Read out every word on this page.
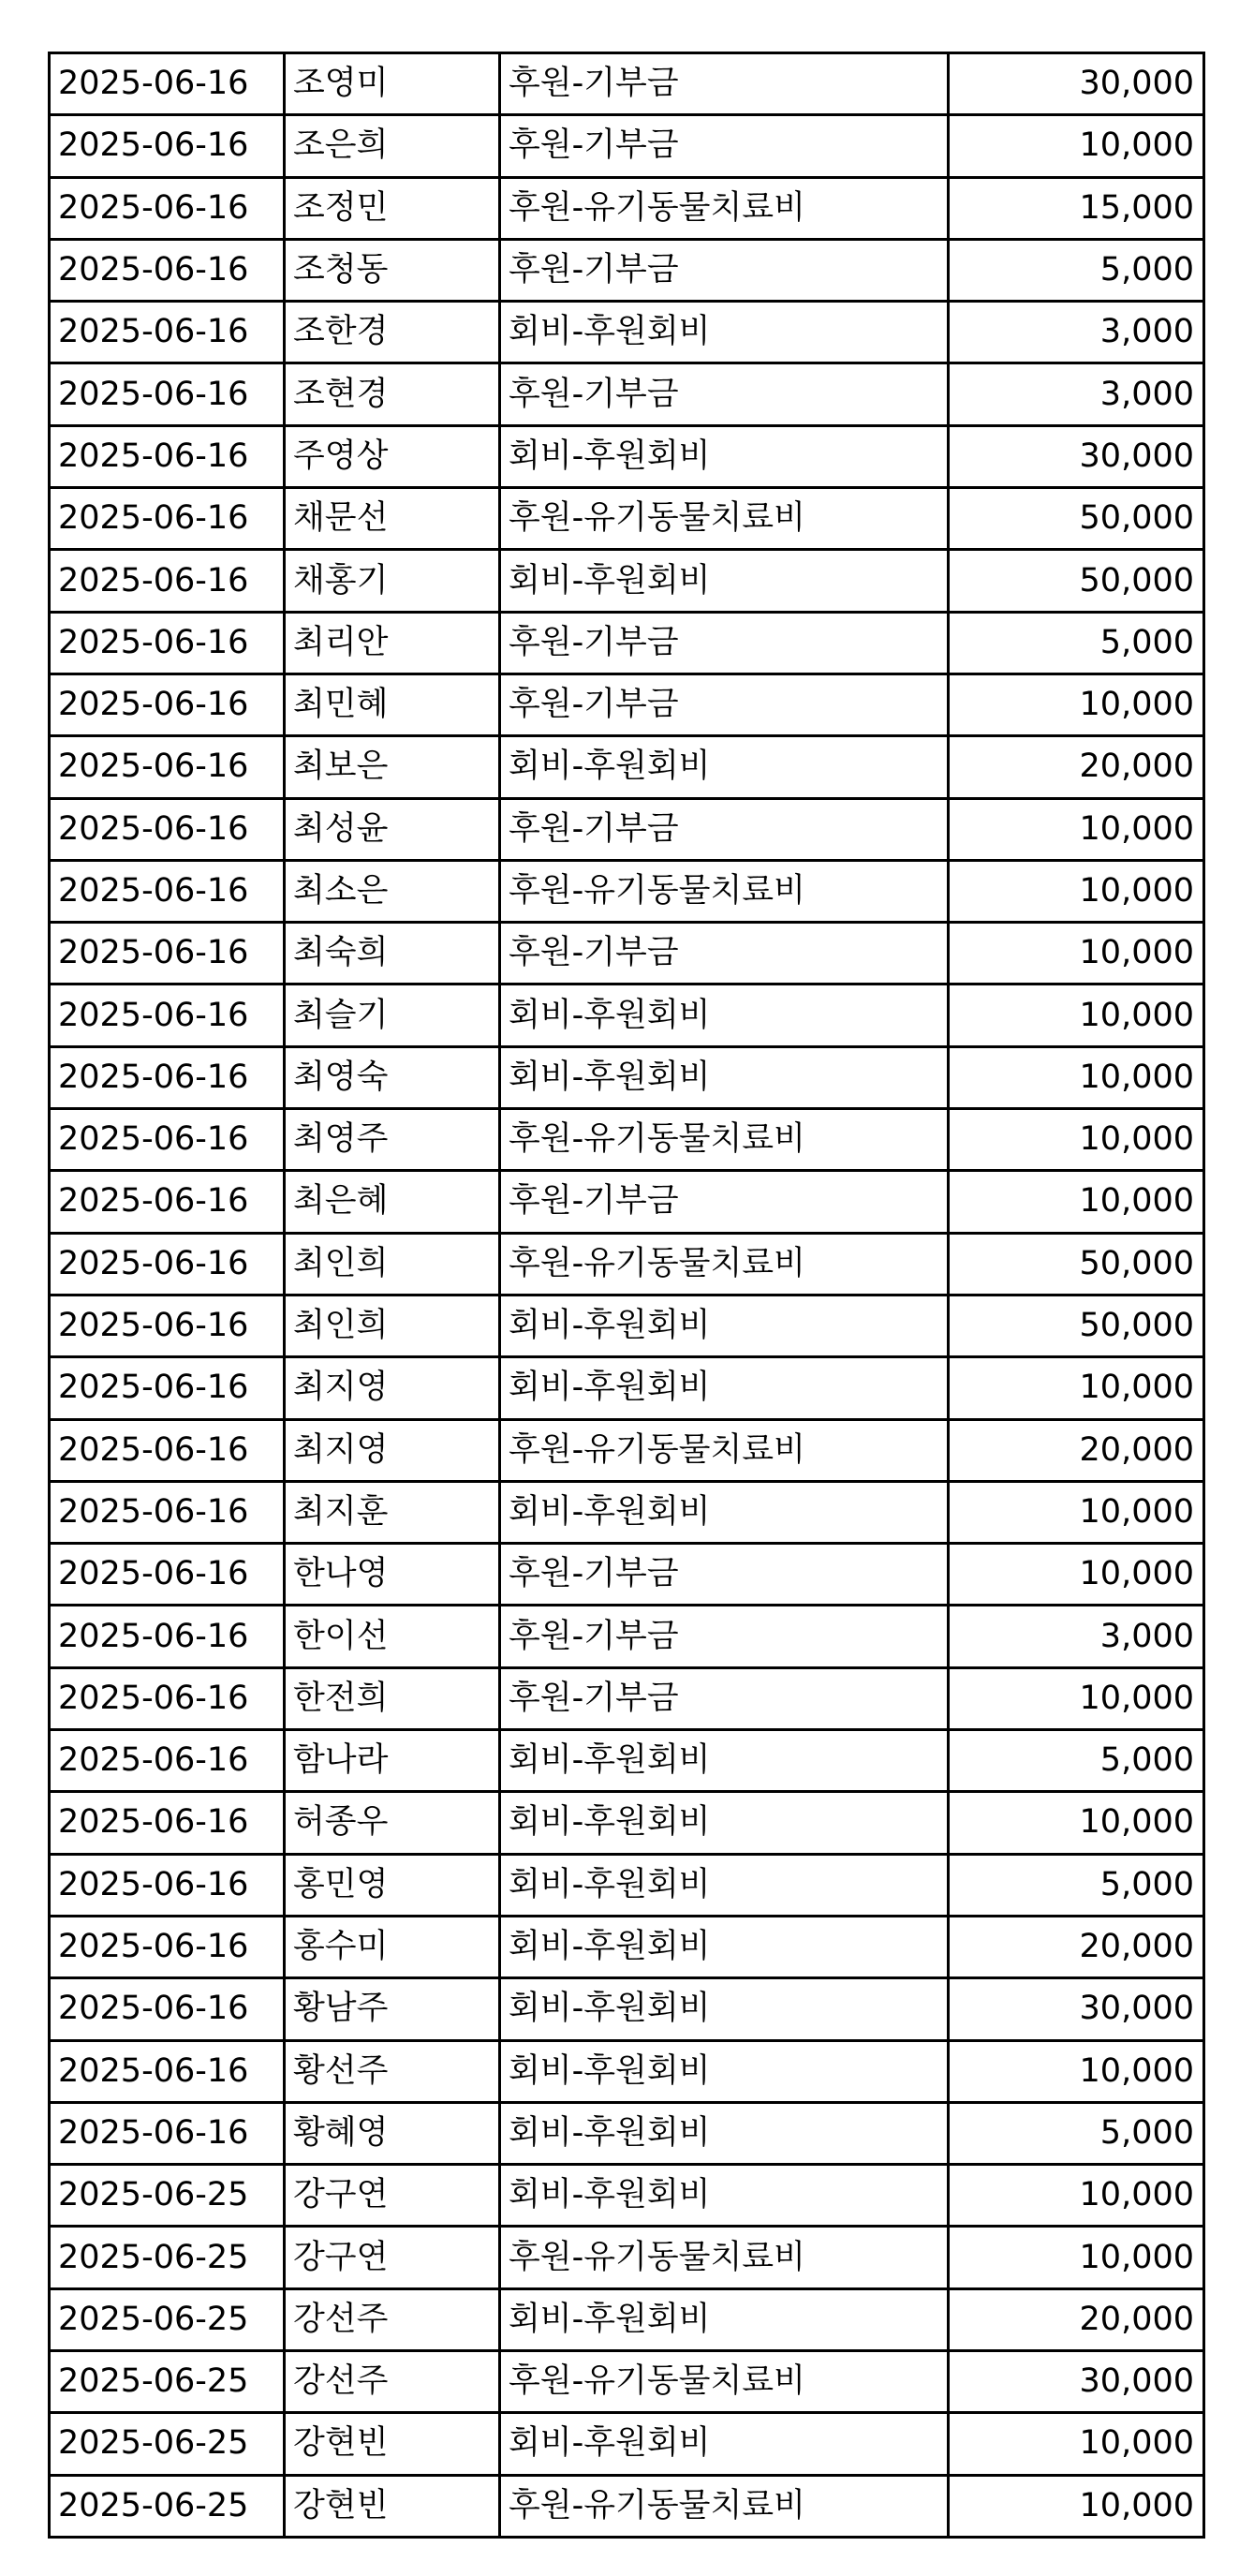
2025-06-16	조영미	후원-기부금	30,000
2025-06-16	조은희	후원-기부금	10,000
2025-06-16	조정민	후원-유기동물치료비	15,000
2025-06-16	조청동	후원-기부금	5,000
2025-06-16	조한경	회비-후원회비	3,000
2025-06-16	조현경	후원-기부금	3,000
2025-06-16	주영상	회비-후원회비	30,000
2025-06-16	채문선	후원-유기동물치료비	50,000
2025-06-16	채홍기	회비-후원회비	50,000
2025-06-16	최리안	후원-기부금	5,000
2025-06-16	최민혜	후원-기부금	10,000
2025-06-16	최보은	회비-후원회비	20,000
2025-06-16	최성윤	후원-기부금	10,000
2025-06-16	최소은	후원-유기동물치료비	10,000
2025-06-16	최숙희	후원-기부금	10,000
2025-06-16	최슬기	회비-후원회비	10,000
2025-06-16	최영숙	회비-후원회비	10,000
2025-06-16	최영주	후원-유기동물치료비	10,000
2025-06-16	최은혜	후원-기부금	10,000
2025-06-16	최인희	후원-유기동물치료비	50,000
2025-06-16	최인희	회비-후원회비	50,000
2025-06-16	최지영	회비-후원회비	10,000
2025-06-16	최지영	후원-유기동물치료비	20,000
2025-06-16	최지훈	회비-후원회비	10,000
2025-06-16	한나영	후원-기부금	10,000
2025-06-16	한이선	후원-기부금	3,000
2025-06-16	한전희	후원-기부금	10,000
2025-06-16	함나라	회비-후원회비	5,000
2025-06-16	허종우	회비-후원회비	10,000
2025-06-16	홍민영	회비-후원회비	5,000
2025-06-16	홍수미	회비-후원회비	20,000
2025-06-16	황남주	회비-후원회비	30,000
2025-06-16	황선주	회비-후원회비	10,000
2025-06-16	황혜영	회비-후원회비	5,000
2025-06-25	강구연	회비-후원회비	10,000
2025-06-25	강구연	후원-유기동물치료비	10,000
2025-06-25	강선주	회비-후원회비	20,000
2025-06-25	강선주	후원-유기동물치료비	30,000
2025-06-25	강현빈	회비-후원회비	10,000
2025-06-25	강현빈	후원-유기동물치료비	10,000
